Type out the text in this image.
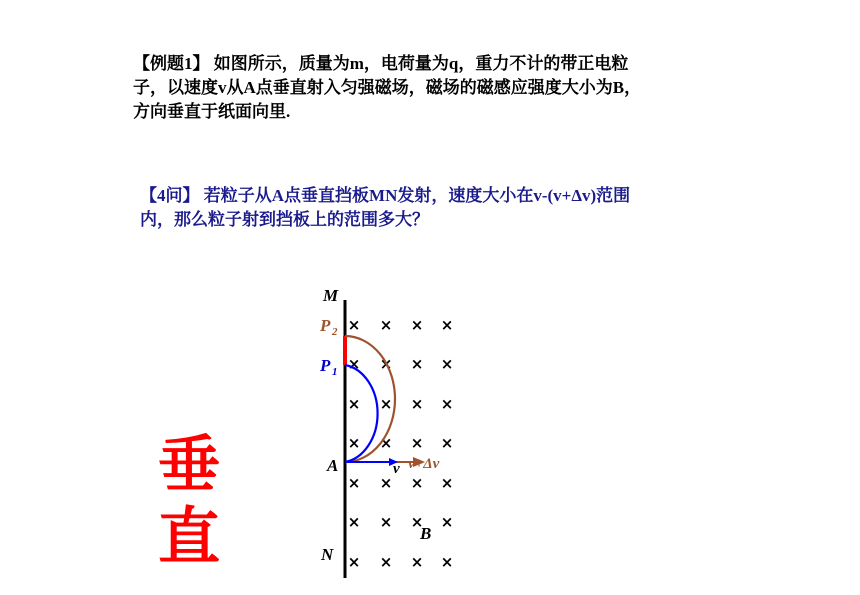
【例题1】 如图所示，质量为m，电荷量为q，重力不计的带正电粒
子，以速度v从A点垂直射入匀强磁场，磁场的磁感应强度大小为B，
方向垂直于纸面向里.
【4问】 若粒子从A点垂直挡板MN发射，速度大小在v-(v+Δv)范围
内，那么粒子射到挡板上的范围多大？
垂
直
× × × ×
× × × ×
× × × ×
× × × ×
× × × ×
× × × ×
× × × ×
M
N
A
B
P 2
P 1
v v+Δv
